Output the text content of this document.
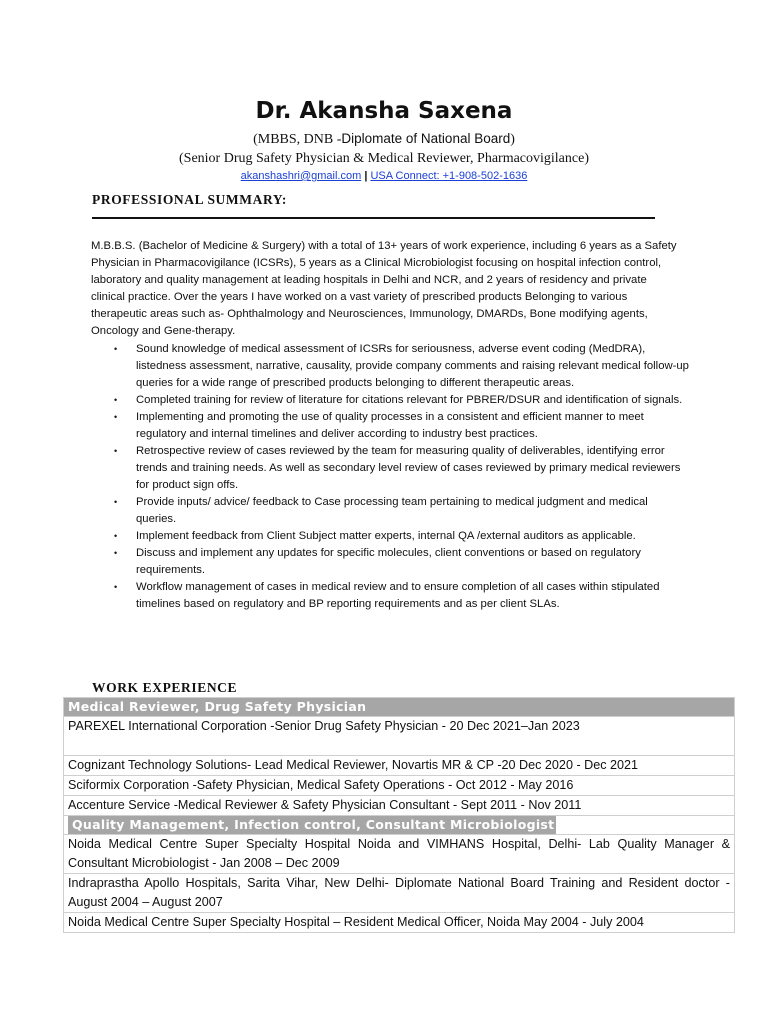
Dr. Akansha Saxena
(MBBS, DNB -Diplomate of National Board)
(Senior Drug Safety Physician & Medical Reviewer, Pharmacovigilance)
akanshashri@gmail.com | USA Connect: +1-908-502-1636
PROFESSIONAL SUMMARY:
M.B.B.S. (Bachelor of Medicine & Surgery) with a total of 13+ years of work experience, including 6 years as a Safety Physician in Pharmacovigilance (ICSRs), 5 years as a Clinical Microbiologist focusing on hospital infection control, laboratory and quality management at leading hospitals in Delhi and NCR, and 2 years of residency and private clinical practice. Over the years I have worked on a vast variety of prescribed products Belonging to various therapeutic areas such as- Ophthalmology and Neurosciences, Immunology, DMARDs, Bone modifying agents, Oncology and Gene-therapy.
• Sound knowledge of medical assessment of ICSRs for seriousness, adverse event coding (MedDRA), listedness assessment, narrative, causality, provide company comments and raising relevant medical follow-up queries for a wide range of prescribed products belonging to different therapeutic areas.
• Completed training for review of literature for citations relevant for PBRER/DSUR and identification of signals.
• Implementing and promoting the use of quality processes in a consistent and efficient manner to meet regulatory and internal timelines and deliver according to industry best practices.
• Retrospective review of cases reviewed by the team for measuring quality of deliverables, identifying error trends and training needs. As well as secondary level review of cases reviewed by primary medical reviewers for product sign offs.
• Provide inputs/ advice/ feedback to Case processing team pertaining to medical judgment and medical queries.
• Implement feedback from Client Subject matter experts, internal QA /external auditors as applicable.
• Discuss and implement any updates for specific molecules, client conventions or based on regulatory requirements.
• Workflow management of cases in medical review and to ensure completion of all cases within stipulated timelines based on regulatory and BP reporting requirements and as per client SLAs.
WORK EXPERIENCE
Medical Reviewer, Drug Safety Physician
PAREXEL International Corporation -Senior Drug Safety Physician - 20 Dec 2021–Jan 2023
Cognizant Technology Solutions- Lead Medical Reviewer, Novartis MR & CP -20 Dec 2020 - Dec 2021
Sciformix Corporation -Safety Physician, Medical Safety Operations - Oct 2012 - May 2016
Accenture Service -Medical Reviewer & Safety Physician Consultant - Sept 2011 - Nov 2011
Quality Management, Infection control, Consultant Microbiologist
Noida Medical Centre Super Specialty Hospital Noida and VIMHANS Hospital, Delhi- Lab Quality Manager & Consultant Microbiologist - Jan 2008 – Dec 2009
Indraprastha Apollo Hospitals, Sarita Vihar, New Delhi- Diplomate National Board Training and Resident doctor - August 2004 – August 2007
Noida Medical Centre Super Specialty Hospital – Resident Medical Officer, Noida May 2004 - July 2004
